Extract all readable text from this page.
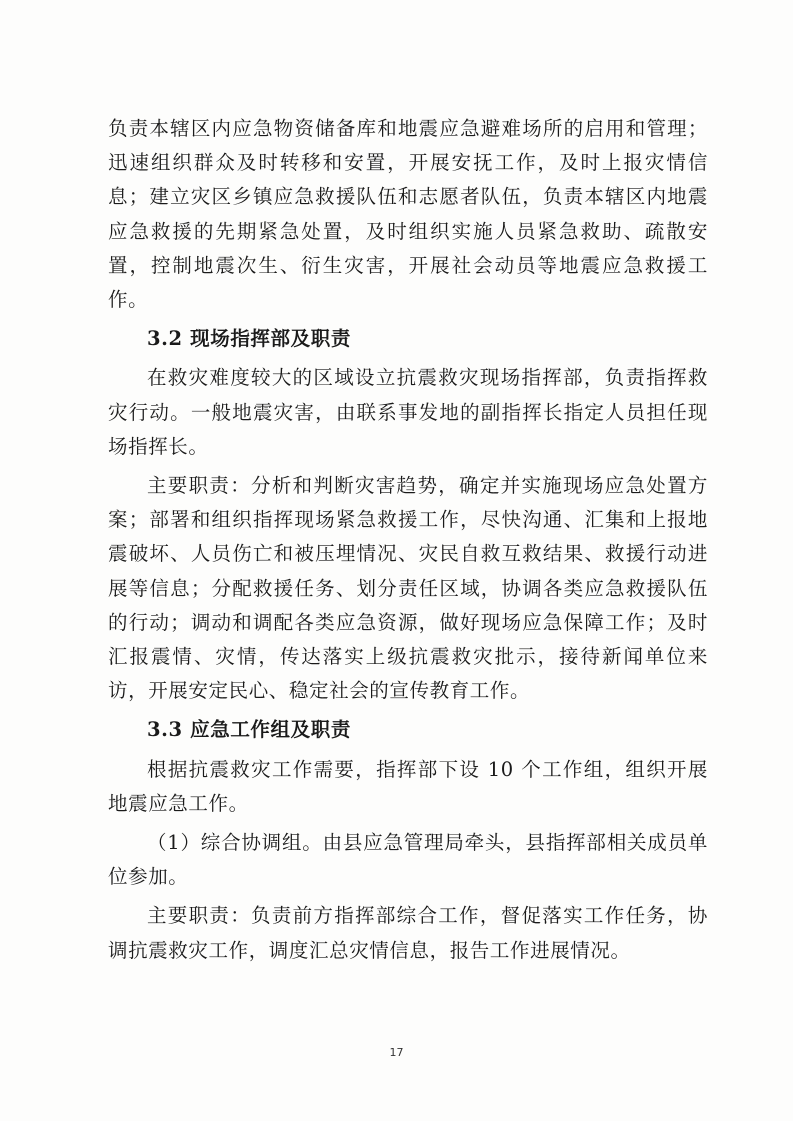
负责本辖区内应急物资储备库和地震应急避难场所的启用和管理；迅速组织群众及时转移和安置，开展安抚工作，及时上报灾情信息；建立灾区乡镇应急救援队伍和志愿者队伍，负责本辖区内地震应急救援的先期紧急处置，及时组织实施人员紧急救助、疏散安置，控制地震次生、衍生灾害，开展社会动员等地震应急救援工作。

3.2 现场指挥部及职责

在救灾难度较大的区域设立抗震救灾现场指挥部，负责指挥救灾行动。一般地震灾害，由联系事发地的副指挥长指定人员担任现场指挥长。

主要职责：分析和判断灾害趋势，确定并实施现场应急处置方案；部署和组织指挥现场紧急救援工作，尽快沟通、汇集和上报地震破坏、人员伤亡和被压埋情况、灾民自救互救结果、救援行动进展等信息；分配救援任务、划分责任区域，协调各类应急救援队伍的行动；调动和调配各类应急资源，做好现场应急保障工作；及时汇报震情、灾情，传达落实上级抗震救灾批示，接待新闻单位来访，开展安定民心、稳定社会的宣传教育工作。

3.3 应急工作组及职责

根据抗震救灾工作需要，指挥部下设 10 个工作组，组织开展地震应急工作。

（1）综合协调组。由县应急管理局牵头，县指挥部相关成员单位参加。

主要职责：负责前方指挥部综合工作，督促落实工作任务，协调抗震救灾工作，调度汇总灾情信息，报告工作进展情况。

17
